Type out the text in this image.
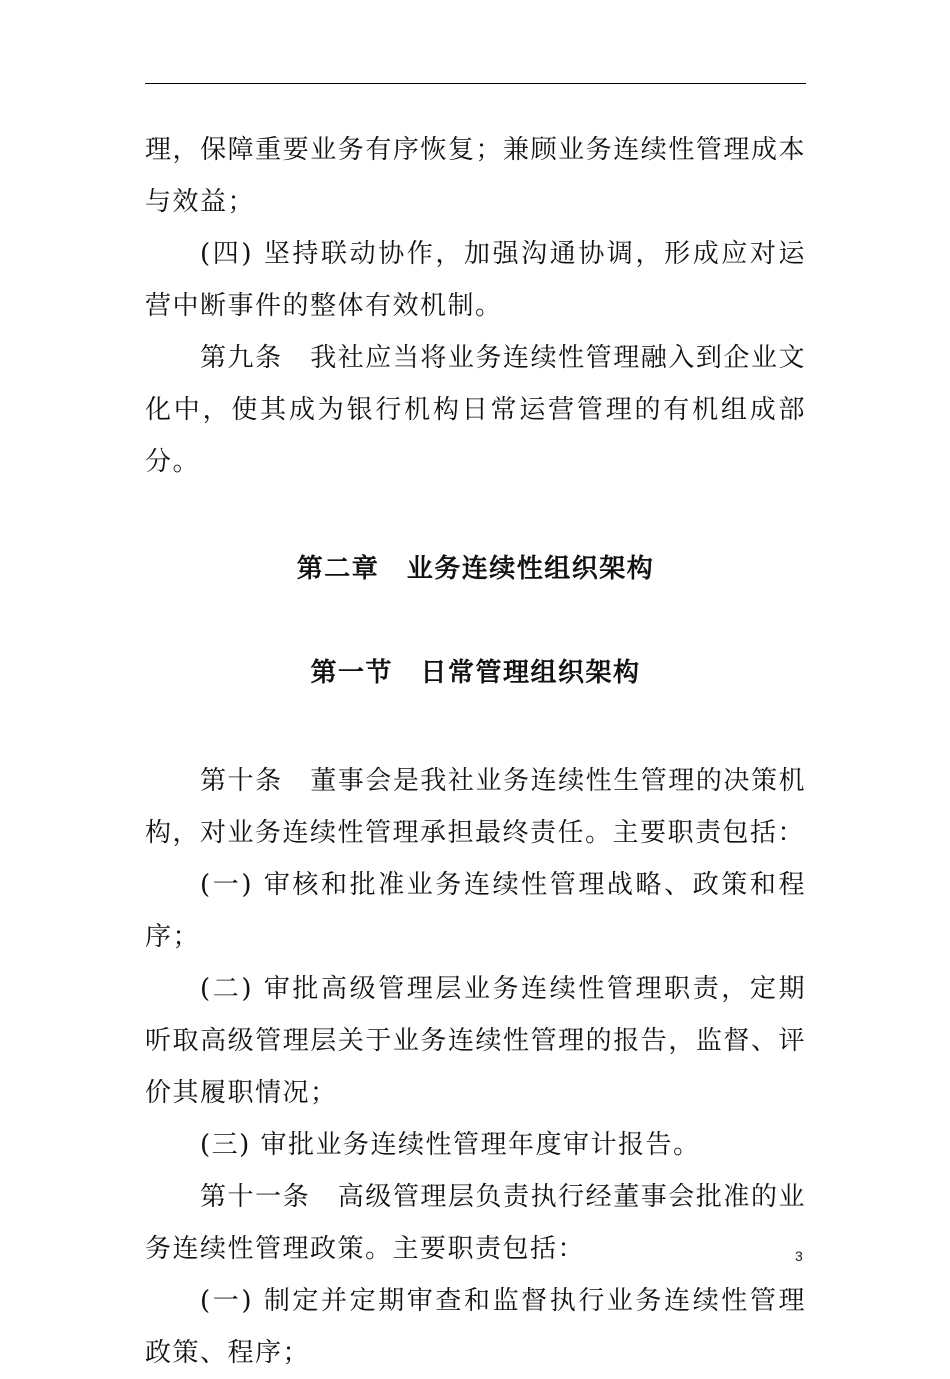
理，保障重要业务有序恢复；兼顾业务连续性管理成本与效益；

(四) 坚持联动协作，加强沟通协调，形成应对运营中断事件的整体有效机制。

第九条　我社应当将业务连续性管理融入到企业文化中，使其成为银行机构日常运营管理的有机组成部分。

第二章　业务连续性组织架构
第一节　日常管理组织架构

第十条　董事会是我社业务连续性生管理的决策机构，对业务连续性管理承担最终责任。主要职责包括：

(一) 审核和批准业务连续性管理战略、政策和程序；

(二) 审批高级管理层业务连续性管理职责，定期听取高级管理层关于业务连续性管理的报告，监督、评价其履职情况；

(三) 审批业务连续性管理年度审计报告。

第十一条　高级管理层负责执行经董事会批准的业务连续性管理政策。主要职责包括：

(一) 制定并定期审查和监督执行业务连续性管理政策、程序；

3
